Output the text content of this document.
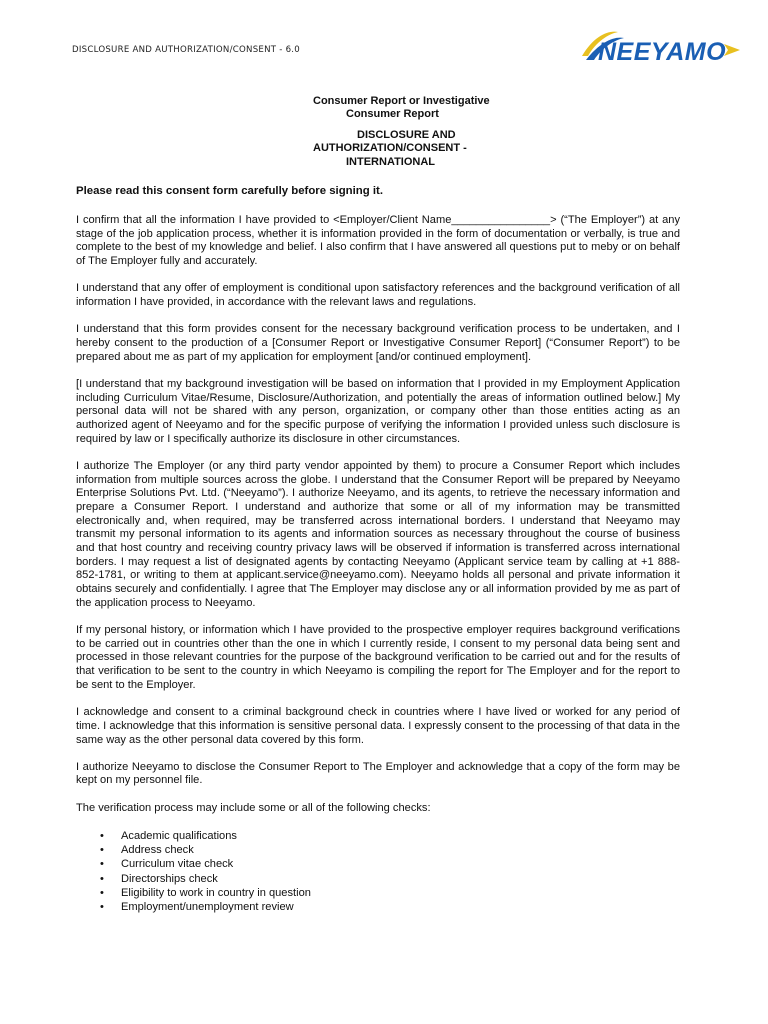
DISCLOSURE AND AUTHORIZATION/CONSENT - 6.0	NEEYAMO
Consumer Report or Investigative
Consumer Report
DISCLOSURE AND
AUTHORIZATION/CONSENT -
INTERNATIONAL
Please read this consent form carefully before signing it.

I confirm that all the information I have provided to <Employer/Client Name________________> (“The Employer”) at any stage of the job application process, whether it is information provided in the form of documentation or verbally, is true and complete to the best of my knowledge and belief. I also confirm that I have answered all questions put to meby or on behalf of The Employer fully and accurately.

I understand that any offer of employment is conditional upon satisfactory references and the background verification of all information I have provided, in accordance with the relevant laws and regulations.

I understand that this form provides consent for the necessary background verification process to be undertaken, and I hereby consent to the production of a [Consumer Report or Investigative Consumer Report] (“Consumer Report”) to be prepared about me as part of my application for employment [and/or continued employment].

[I understand that my background investigation will be based on information that I provided in my Employment Application including Curriculum Vitae/Resume, Disclosure/Authorization, and potentially the areas of information outlined below.] My personal data will not be shared with any person, organization, or company other than those entities acting as an authorized agent of Neeyamo and for the specific purpose of verifying the information I provided unless such disclosure is required by law or I specifically authorize its disclosure in other circumstances.

I authorize The Employer (or any third party vendor appointed by them) to procure a Consumer Report which includes information from multiple sources across the globe. I understand that the Consumer Report will be prepared by Neeyamo Enterprise Solutions Pvt. Ltd. (“Neeyamo”). I authorize Neeyamo, and its agents, to retrieve the necessary information and prepare a Consumer Report. I understand and authorize that some or all of my information may be transmitted electronically and, when required, may be transferred across international borders. I understand that Neeyamo may transmit my personal information to its agents and information sources as necessary throughout the course of business and that host country and receiving country privacy laws will be observed if information is transferred across international borders. I may request a list of designated agents by contacting Neeyamo (Applicant service team by calling at +1 888-852-1781, or writing to them at applicant.service@neeyamo.com). Neeyamo holds all personal and private information it obtains securely and confidentially. I agree that The Employer may disclose any or all information provided by me as part of the application process to Neeyamo.

If my personal history, or information which I have provided to the prospective employer requires background verifications to be carried out in countries other than the one in which I currently reside, I consent to my personal data being sent and processed in those relevant countries for the purpose of the background verification to be carried out and for the results of that verification to be sent to the country in which Neeyamo is compiling the report for The Employer and for the report to be sent to the Employer.

I acknowledge and consent to a criminal background check in countries where I have lived or worked for any period of time. I acknowledge that this information is sensitive personal data. I expressly consent to the processing of that data in the same way as the other personal data covered by this form.

I authorize Neeyamo to disclose the Consumer Report to The Employer and acknowledge that a copy of the form may be kept on my personnel file.

The verification process may include some or all of the following checks:

• Academic qualifications
• Address check
• Curriculum vitae check
• Directorships check
• Eligibility to work in country in question
• Employment/unemployment review
